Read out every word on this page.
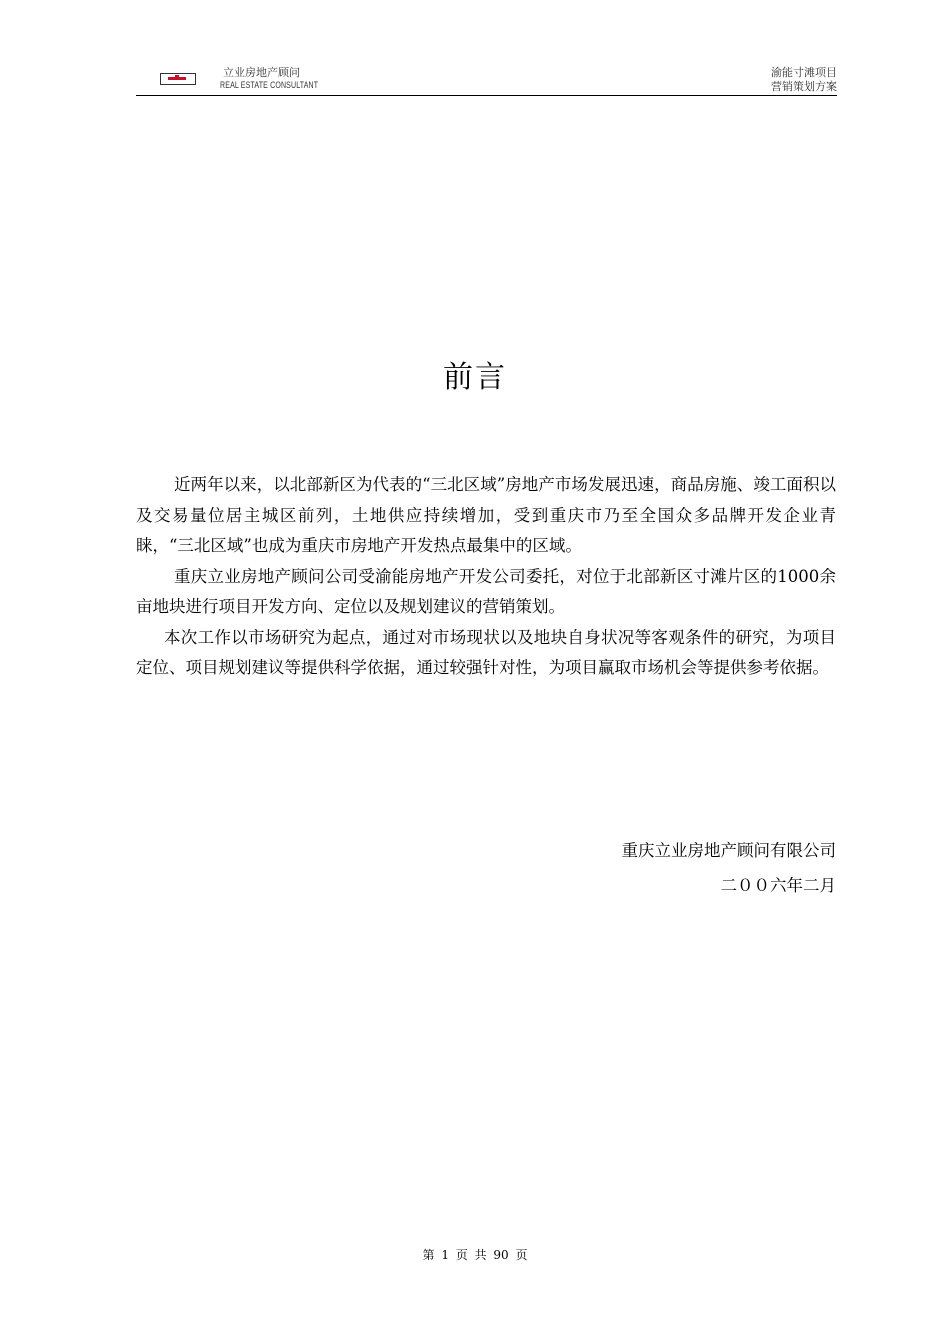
立业房地产顾问
REAL ESTATE CONSULTANT
渝能寸滩项目
营销策划方案
前言

近两年以来，以北部新区为代表的“三北区域”房地产市场发展迅速，商品房施、竣工面积以及交易量位居主城区前列，土地供应持续增加，受到重庆市乃至全国众多品牌开发企业青睐，“三北区域”也成为重庆市房地产开发热点最集中的区域。

重庆立业房地产顾问公司受渝能房地产开发公司委托，对位于北部新区寸滩片区的1000余亩地块进行项目开发方向、定位以及规划建议的营销策划。

本次工作以市场研究为起点，通过对市场现状以及地块自身状况等客观条件的研究，为项目定位、项目规划建议等提供科学依据，通过较强针对性，为项目赢取市场机会等提供参考依据。

重庆立业房地产顾问有限公司
二００六年二月
第 1 页 共 90 页
